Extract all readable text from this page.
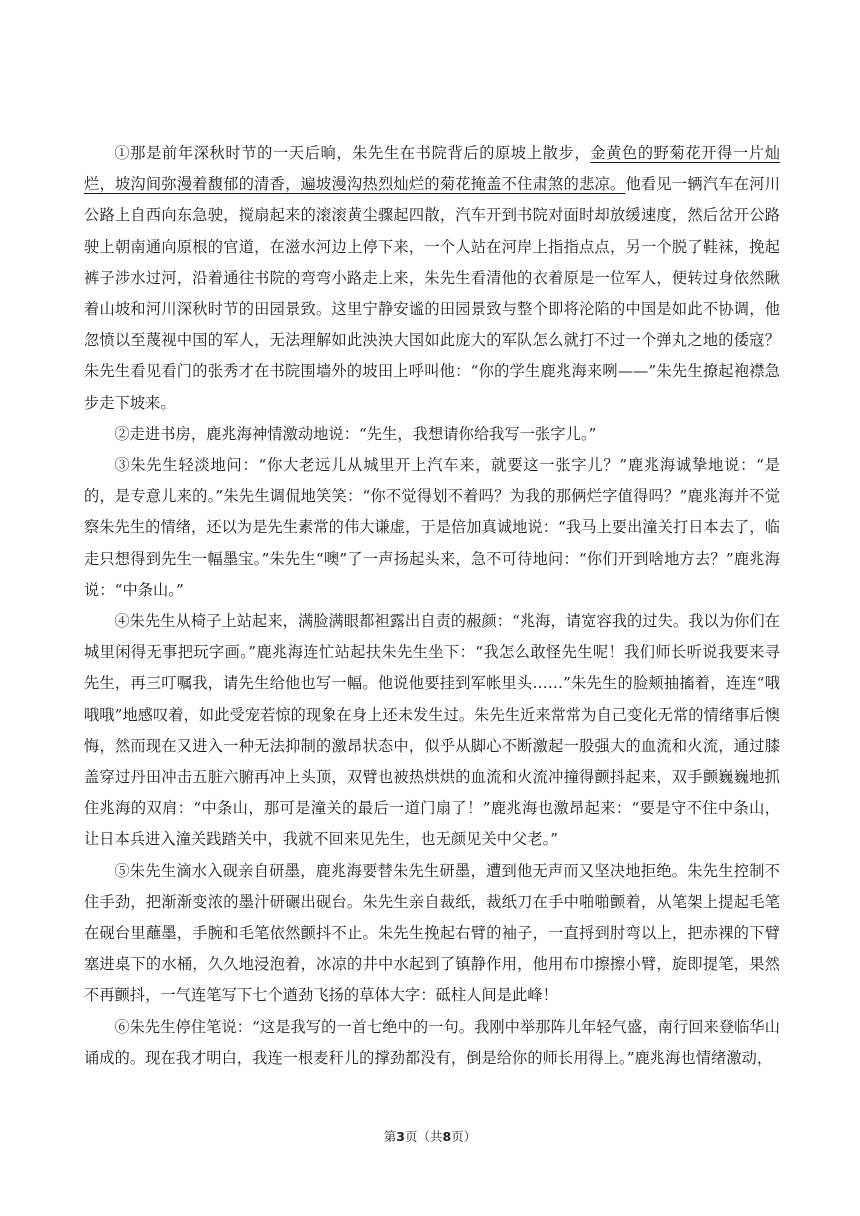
①那是前年深秋时节的一天后晌，朱先生在书院背后的原坡上散步，金黄色的野菊花开得一片灿烂，坡沟间弥漫着馥郁的清香，遍坡漫沟热烈灿烂的菊花掩盖不住肃煞的悲凉。他看见一辆汽车在河川公路上自西向东急驶，搅扇起来的滚滚黄尘骤起四散，汽车开到书院对面时却放缓速度，然后岔开公路驶上朝南通向原根的官道，在滋水河边上停下来，一个人站在河岸上指指点点，另一个脱了鞋袜，挽起裤子涉水过河，沿着通往书院的弯弯小路走上来，朱先生看清他的衣着原是一位军人，便转过身依然瞅着山坡和河川深秋时节的田园景致。这里宁静安谧的田园景致与整个即将沦陷的中国是如此不协调，他忽愤以至蔑视中国的军人，无法理解如此泱泱大国如此庞大的军队怎么就打不过一个弹丸之地的倭寇？朱先生看见看门的张秀才在书院围墙外的坡田上呼叫他：“你的学生鹿兆海来咧——”朱先生撩起袍襟急步走下坡来。

②走进书房，鹿兆海神情激动地说：“先生，我想请你给我写一张字儿。”

③朱先生轻淡地问：“你大老远儿从城里开上汽车来，就要这一张字儿？”鹿兆海诚挚地说：“是的，是专意儿来的。”朱先生调侃地笑笑：“你不觉得划不着吗？为我的那俩烂字值得吗？”鹿兆海并不觉察朱先生的情绪，还以为是先生素常的伟大谦虚，于是倍加真诚地说：“我马上要出潼关打日本去了，临走只想得到先生一幅墨宝。”朱先生“噢”了一声扬起头来，急不可待地问：“你们开到啥地方去？”鹿兆海说：“中条山。”

④朱先生从椅子上站起来，满脸满眼都袒露出自责的赧颜：“兆海，请宽容我的过失。我以为你们在城里闲得无事把玩字画。”鹿兆海连忙站起扶朱先生坐下：“我怎么敢怪先生呢！我们师长听说我要来寻先生，再三叮嘱我，请先生给他也写一幅。他说他要挂到军帐里头……”朱先生的脸颊抽搐着，连连“哦哦哦”地感叹着，如此受宠若惊的现象在身上还未发生过。朱先生近来常常为自己变化无常的情绪事后懊悔，然而现在又进入一种无法抑制的激昂状态中，似乎从脚心不断激起一股强大的血流和火流，通过膝盖穿过丹田冲击五脏六腑再冲上头顶，双臂也被热烘烘的血流和火流冲撞得颤抖起来，双手颤巍巍地抓住兆海的双肩：“中条山，那可是潼关的最后一道门扇了！”鹿兆海也激昂起来：“要是守不住中条山，让日本兵进入潼关践踏关中，我就不回来见先生，也无颜见关中父老。”

⑤朱先生滴水入砚亲自研墨，鹿兆海要替朱先生研墨，遭到他无声而又坚决地拒绝。朱先生控制不住手劲，把渐渐变浓的墨汁研碾出砚台。朱先生亲自裁纸，裁纸刀在手中啪啪颤着，从笔架上提起毛笔在砚台里蘸墨，手腕和毛笔依然颤抖不止。朱先生挽起右臂的袖子，一直捋到肘弯以上，把赤裸的下臂塞进桌下的水桶，久久地浸泡着，冰凉的井中水起到了镇静作用，他用布巾擦擦小臂，旋即提笔，果然不再颤抖，一气连笔写下七个遒劲飞扬的草体大字：砥柱人间是此峰！

⑥朱先生停住笔说：“这是我写的一首七绝中的一句。我刚中举那阵儿年轻气盛，南行回来登临华山诵成的。现在我才明白，我连一根麦秆儿的撑劲都没有，倒是给你的师长用得上。”鹿兆海也情绪激动，

第3页（共8页）
